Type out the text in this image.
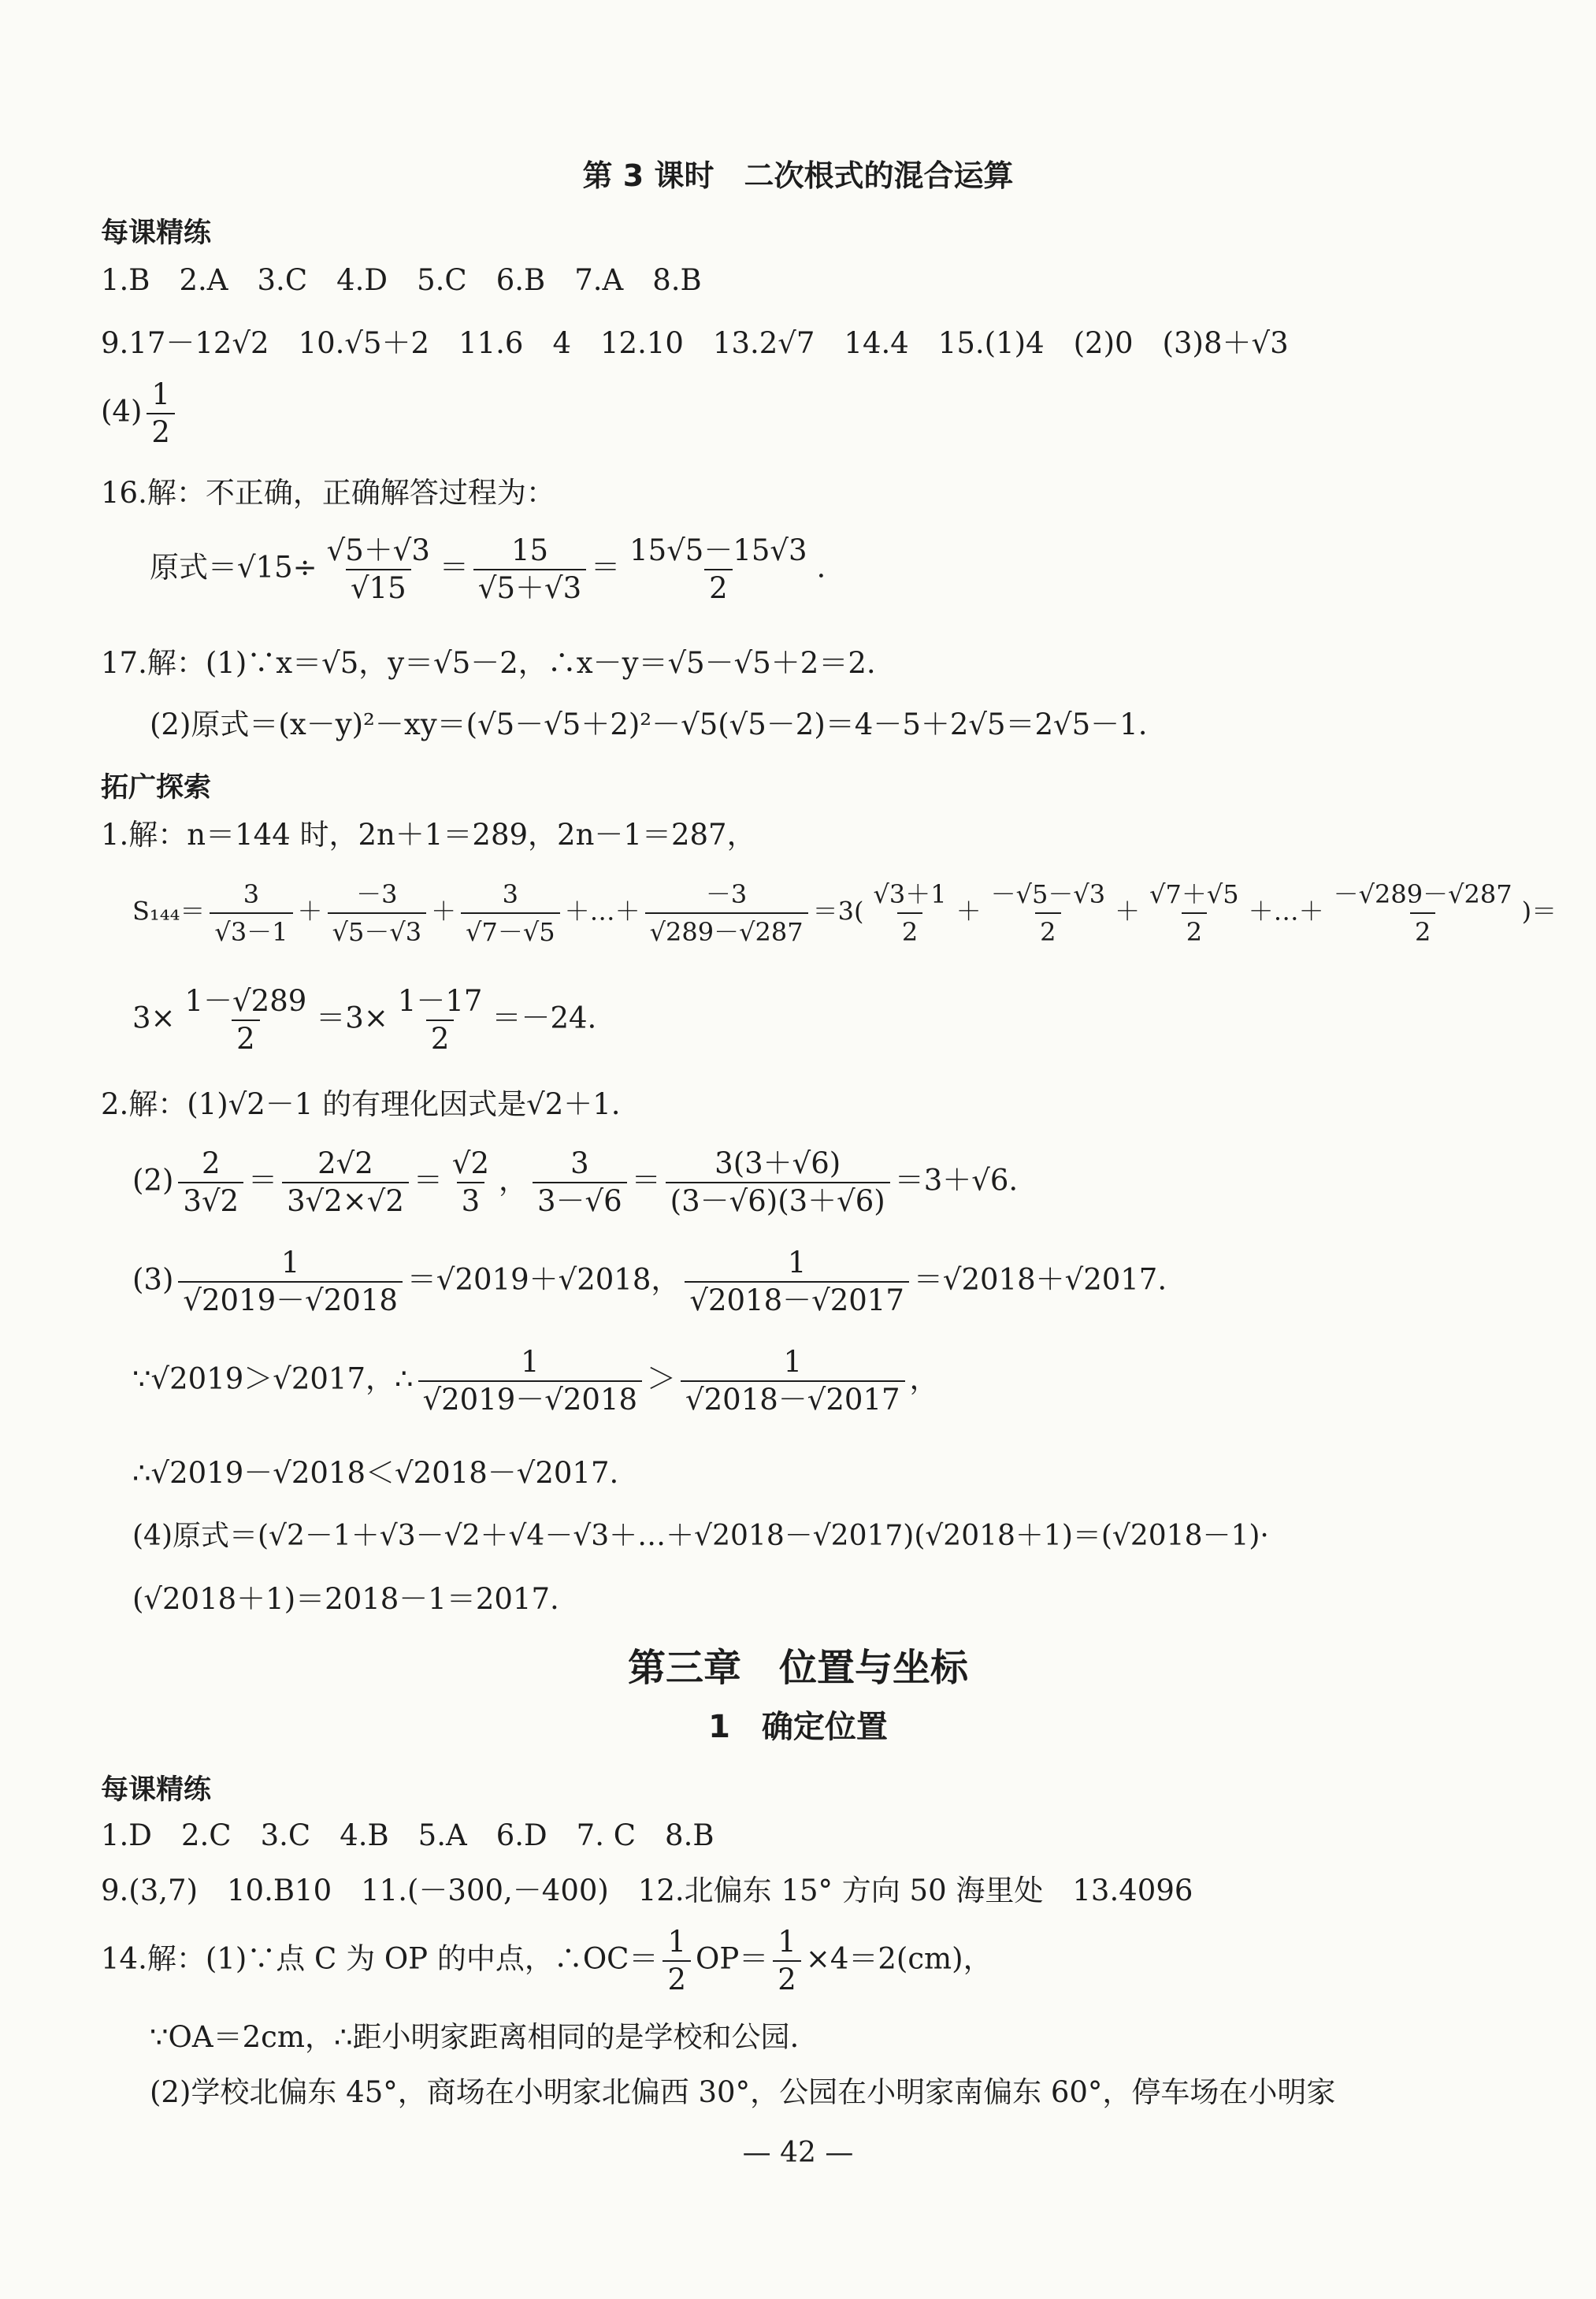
第 3 课时　二次根式的混合运算
每课精练
1.B　2.A　3.C　4.D　5.C　6.B　7.A　8.B
9.17－12√2　10.√5＋2　11.6　4　12.10　13.2√7　14.4　15.(1)4　(2)0　(3)8＋√3
$(4) \frac{1}{2}$
16.解：不正确，正确解答过程为：
原式$=√15\div \frac{√5+√3}{√15} = \frac{15}{√5+√3} = \frac{15√5-15√3}{2}$ .
17.解：(1)∵x＝√5，y＝√5－2，∴x－y＝√5－√5＋2＝2.
(2)原式＝(x－y)²－xy＝(√5－√5＋2)²－√5(√5－2)＝4－5＋2√5＝2√5－1.
拓广探索
1.解：n＝144 时，2n＋1＝289，2n－1＝287，
$S_{144}= \frac{3}{√3-1} + \frac{-3}{√5-√3} + \frac{3}{√7-√5}$ ＋…＋ $\frac{-3}{√289-√287} =3( \frac{√3+1}{2} + \frac{-√5-√3}{2} + \frac{√7+√5}{2}$ ＋…＋ $\frac{-√289-√287}{2}$ )＝
$3\times \frac{1-√289}{2} =3\times \frac{1-17}{2} =-24$.
2.解：(1)√2－1 的有理化因式是√2＋1.
$(2) \frac{2}{3√2} = \frac{2√2}{3√2\times√2} = \frac{√2}{3}$ ， $\frac{3}{3-√6} = \frac{3(3+√6)}{(3-√6)(3+√6)} =3+√6$.
$(3) \frac{1}{√2019-√2018} =√2019+√2018$， $\frac{1}{√2018-√2017} =√2018+√2017$.
∵√2019＞√2017，∴ $\frac{1}{√2019-√2018} > \frac{1}{√2018-√2017}$ ，
∴√2019－√2018＜√2018－√2017.
(4)原式＝(√2－1＋√3－√2＋√4－√3＋…＋√2018－√2017)(√2018＋1)＝(√2018－1)·
(√2018＋1)＝2018－1＝2017.
第三章　位置与坐标
1　确定位置
每课精练
1.D　2.C　3.C　4.B　5.A　6.D　7. C　8.B
9.(3,7)　10.B10　11.(－300,－400)　12.北偏东 15° 方向 50 海里处　13.4096
14.解：(1)∵点 C 为 OP 的中点，∴OC＝ $\frac{1}{2} OP= \frac{1}{2} \times 4=2(cm)$，
∵OA＝2cm，∴距小明家距离相同的是学校和公园.
(2)学校北偏东 45°，商场在小明家北偏西 30°，公园在小明家南偏东 60°，停车场在小明家
— 42 —
